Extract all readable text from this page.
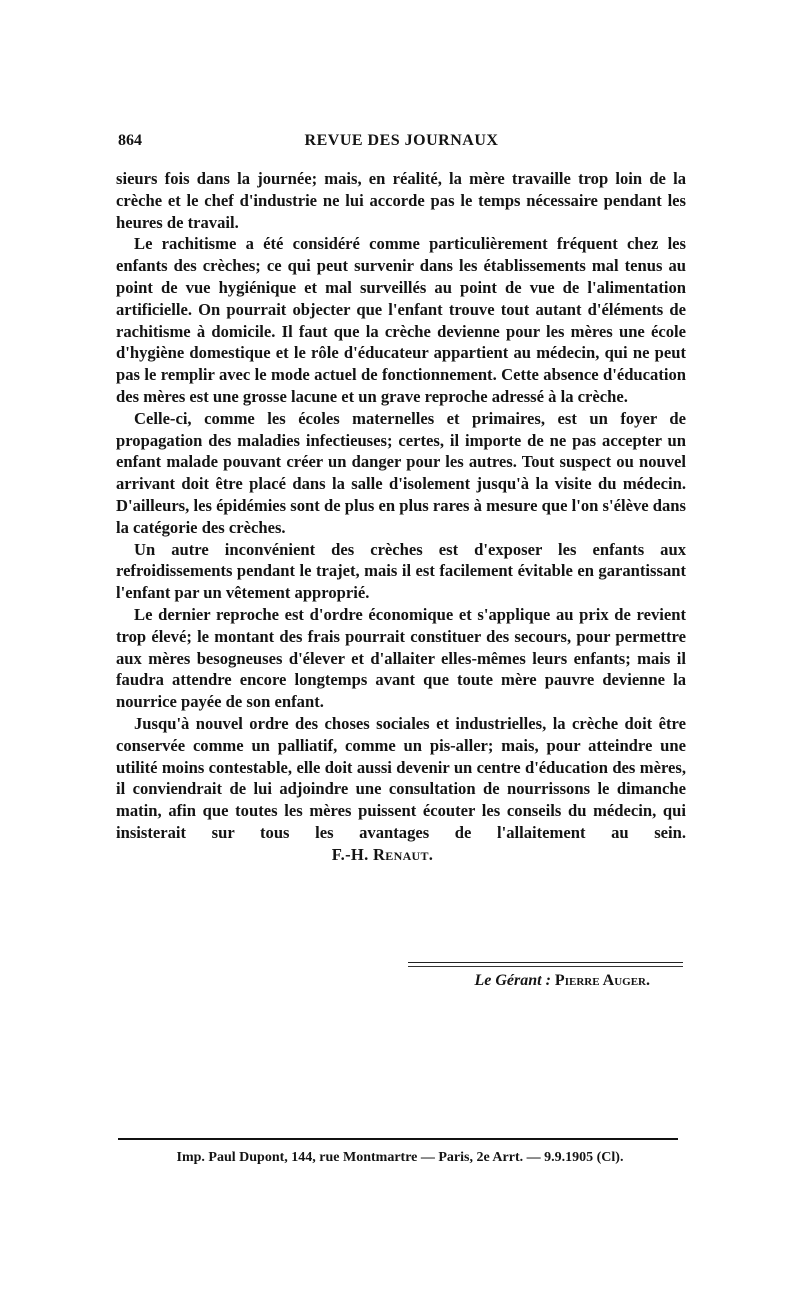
864	REVUE DES JOURNAUX

sieurs fois dans la journée; mais, en réalité, la mère travaille trop loin de la crèche et le chef d'industrie ne lui accorde pas le temps nécessaire pendant les heures de travail.

Le rachitisme a été considéré comme particulièrement fréquent chez les enfants des crèches; ce qui peut survenir dans les établissements mal tenus au point de vue hygiénique et mal surveillés au point de vue de l'alimentation artificielle. On pourrait objecter que l'enfant trouve tout autant d'éléments de rachitisme à domicile. Il faut que la crèche devienne pour les mères une école d'hygiène domestique et le rôle d'éducateur appartient au médecin, qui ne peut pas le remplir avec le mode actuel de fonctionnement. Cette absence d'éducation des mères est une grosse lacune et un grave reproche adressé à la crèche.

Celle-ci, comme les écoles maternelles et primaires, est un foyer de propagation des maladies infectieuses; certes, il importe de ne pas accepter un enfant malade pouvant créer un danger pour les autres. Tout suspect ou nouvel arrivant doit être placé dans la salle d'isolement jusqu'à la visite du médecin. D'ailleurs, les épidémies sont de plus en plus rares à mesure que l'on s'élève dans la catégorie des crèches.

Un autre inconvénient des crèches est d'exposer les enfants aux refroidissements pendant le trajet, mais il est facilement évitable en garantissant l'enfant par un vêtement approprié.

Le dernier reproche est d'ordre économique et s'applique au prix de revient trop élevé; le montant des frais pourrait constituer des secours, pour permettre aux mères besogneuses d'élever et d'allaiter elles-mêmes leurs enfants; mais il faudra attendre encore longtemps avant que toute mère pauvre devienne la nourrice payée de son enfant.

Jusqu'à nouvel ordre des choses sociales et industrielles, la crèche doit être conservée comme un palliatif, comme un pis-aller; mais, pour atteindre une utilité moins contestable, elle doit aussi devenir un centre d'éducation des mères, il conviendrait de lui adjoindre une consultation de nourrissons le dimanche matin, afin que toutes les mères puissent écouter les conseils du médecin, qui insisterait sur tous les avantages de l'allaitement au sein.              F.-H. Renaut.

Le Gérant : Pierre Auger.
Imp. Paul Dupont, 144, rue Montmartre — Paris, 2e Arrt. — 9.9.1905 (Cl).
